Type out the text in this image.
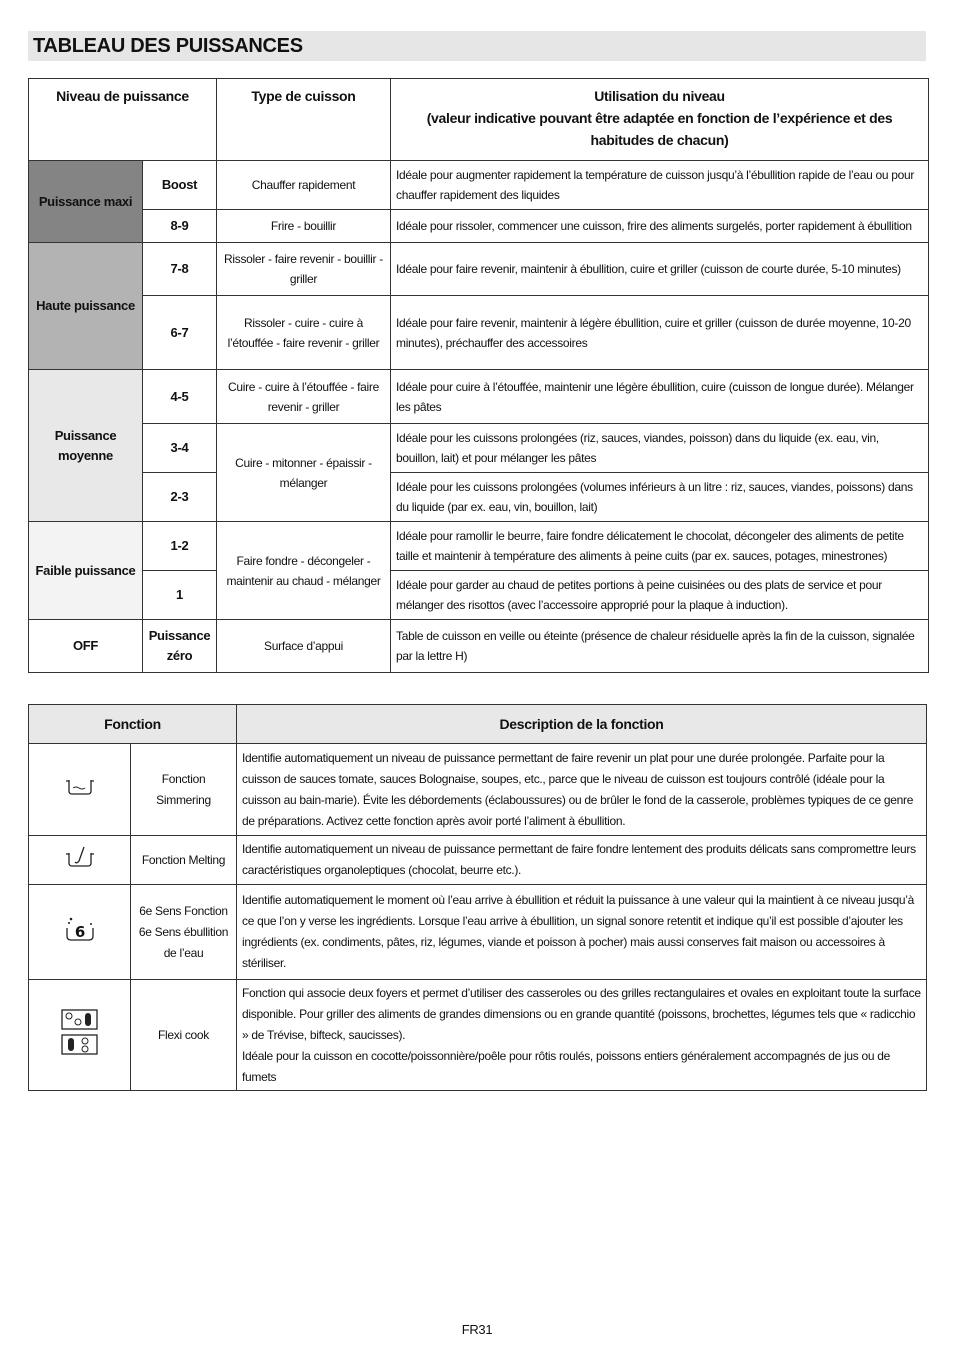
TABLEAU DES PUISSANCES
Niveau de puissance		Type de cuisson	Utilisation du niveau
(valeur indicative pouvant être adaptée en fonction de l’expérience et des habitudes de chacun)
Puissance maxi	Boost	Chauffer rapidement	Idéale pour augmenter rapidement la température de cuisson jusqu’à l’ébullition rapide de l’eau ou pour chauffer rapidement des liquides
	8-9	Frire - bouillir	Idéale pour rissoler, commencer une cuisson, frire des aliments surgelés, porter rapidement à ébullition
Haute puissance	7-8	Rissoler - faire revenir - bouillir - griller	Idéale pour faire revenir, maintenir à ébullition, cuire et griller (cuisson de courte durée, 5-10 minutes)
	6-7	Rissoler - cuire - cuire à l’étouffée - faire revenir - griller	Idéale pour faire revenir, maintenir à légère ébullition, cuire et griller (cuisson de durée moyenne, 10-20 minutes), préchauffer des accessoires
Puissance moyenne	4-5	Cuire - cuire à l’étouffée - faire revenir - griller	Idéale pour cuire à l’étouffée, maintenir une légère ébullition, cuire (cuisson de longue durée). Mélanger les pâtes
	3-4	Cuire - mitonner - épaissir - mélanger	Idéale pour les cuissons prolongées (riz, sauces, viandes, poisson) dans du liquide (ex. eau, vin, bouillon, lait) et pour mélanger les pâtes
	2-3		Idéale pour les cuissons prolongées (volumes inférieurs à un litre : riz, sauces, viandes, poissons) dans du liquide (par ex. eau, vin, bouillon, lait)
Faible puissance	1-2	Faire fondre - décongeler - maintenir au chaud - mélanger	Idéale pour ramollir le beurre, faire fondre délicatement le chocolat, décongeler des aliments de petite taille et maintenir à température des aliments à peine cuits (par ex. sauces, potages, minestrones)
	1		Idéale pour garder au chaud de petites portions à peine cuisinées ou des plats de service et pour mélanger des risottos (avec l’accessoire approprié pour la plaque à induction).
OFF	Puissance zéro	Surface d’appui	Table de cuisson en veille ou éteinte (présence de chaleur résiduelle après la fin de la cuisson, signalée par la lettre H)
Fonction		Description de la fonction
	Fonction Simmering	Identifie automatiquement un niveau de puissance permettant de faire revenir un plat pour une durée prolongée. Parfaite pour la cuisson de sauces tomate, sauces Bolognaise, soupes, etc., parce que le niveau de cuisson est toujours contrôlé (idéale pour la cuisson au bain-marie). Évite les débordements (éclaboussures) ou de brûler le fond de la casserole, problèmes typiques de ce genre de préparations. Activez cette fonction après avoir porté l’aliment à ébullition.
	Fonction Melting	Identifie automatiquement un niveau de puissance permettant de faire fondre lentement des produits délicats sans compromettre leurs caractéristiques organoleptiques (chocolat, beurre etc.).

6	6e Sens Fonction 6e Sens ébullition de l’eau	Identifie automatiquement le moment où l’eau arrive à ébullition et réduit la puissance à une valeur qui la maintient à ce niveau jusqu’à ce que l’on y verse les ingrédients. Lorsque l’eau arrive à ébullition, un signal sonore retentit et indique qu’il est possible d’ajouter les ingrédients (ex. condiments, pâtes, riz, légumes, viande et poisson à pocher) mais aussi conserves fait maison ou accessoires à stériliser.
	Flexi cook	Fonction qui associe deux foyers et permet d’utiliser des casseroles ou des grilles rectangulaires et ovales en exploitant toute la surface disponible. Pour griller des aliments de grandes dimensions ou en grande quantité (poissons, brochettes, légumes tels que « radicchio » de Trévise, bifteck, saucisses).
Idéale pour la cuisson en cocotte/poissonnière/poêle pour rôtis roulés, poissons entiers généralement accompagnés de jus ou de fumets
FR31
